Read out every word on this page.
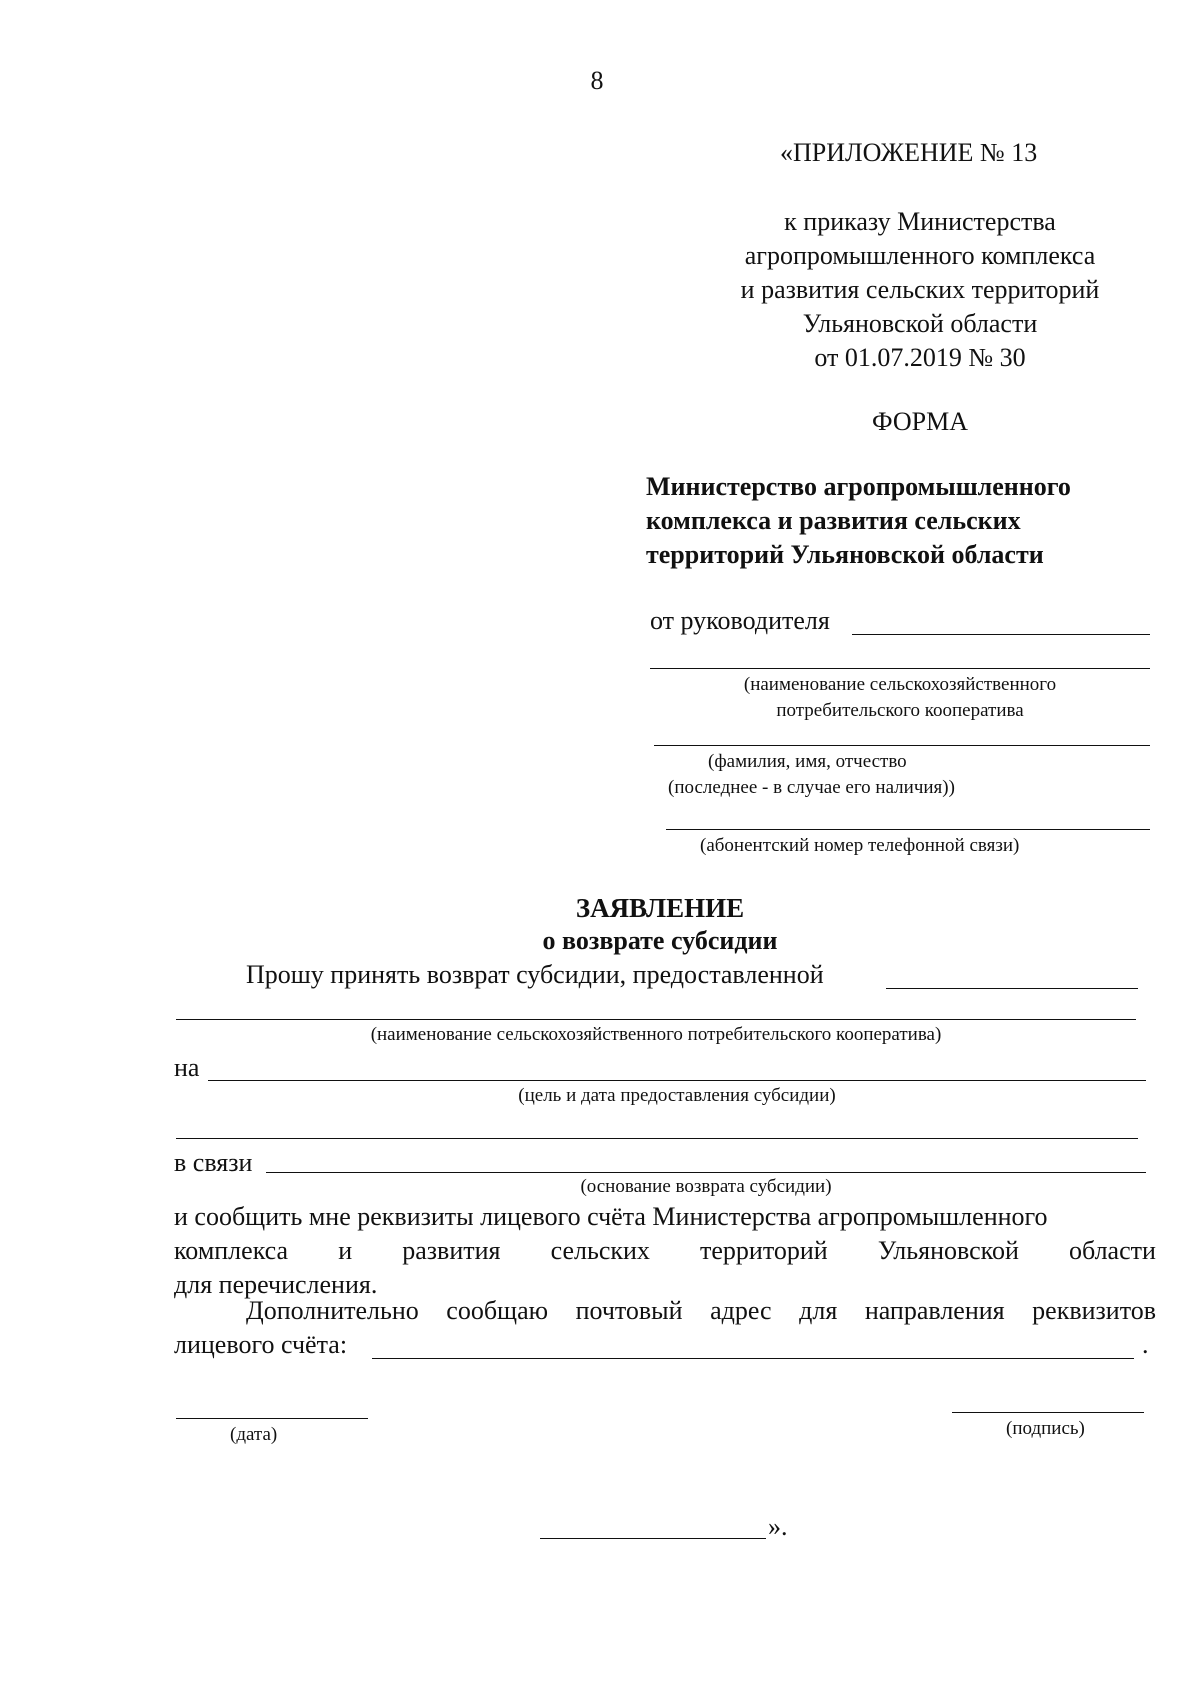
8
«ПРИЛОЖЕНИЕ № 13
к приказу Министерства
агропромышленного комплекса
и развития сельских территорий
Ульяновской области
от 01.07.2019 № 30
ФОРМА
Министерство агропромышленного
комплекса и развития сельских
территорий Ульяновской области
от руководителя
(наименование сельскохозяйственного
потребительского кооператива
(фамилия, имя, отчество
(последнее - в случае его наличия))
(абонентский номер телефонной связи)
ЗАЯВЛЕНИЕ
о возврате субсидии
Прошу принять возврат субсидии, предоставленной
(наименование сельскохозяйственного потребительского кооператива)
на
(цель и дата предоставления субсидии)
в связи
(основание возврата субсидии)
и сообщить мне реквизиты лицевого счёта Министерства агропромышленного
комплекса и развития сельских территорий Ульяновской области
для перечисления.
Дополнительно сообщаю почтовый адрес для направления реквизитов
лицевого счёта:	.
(дата)	(подпись)
».
